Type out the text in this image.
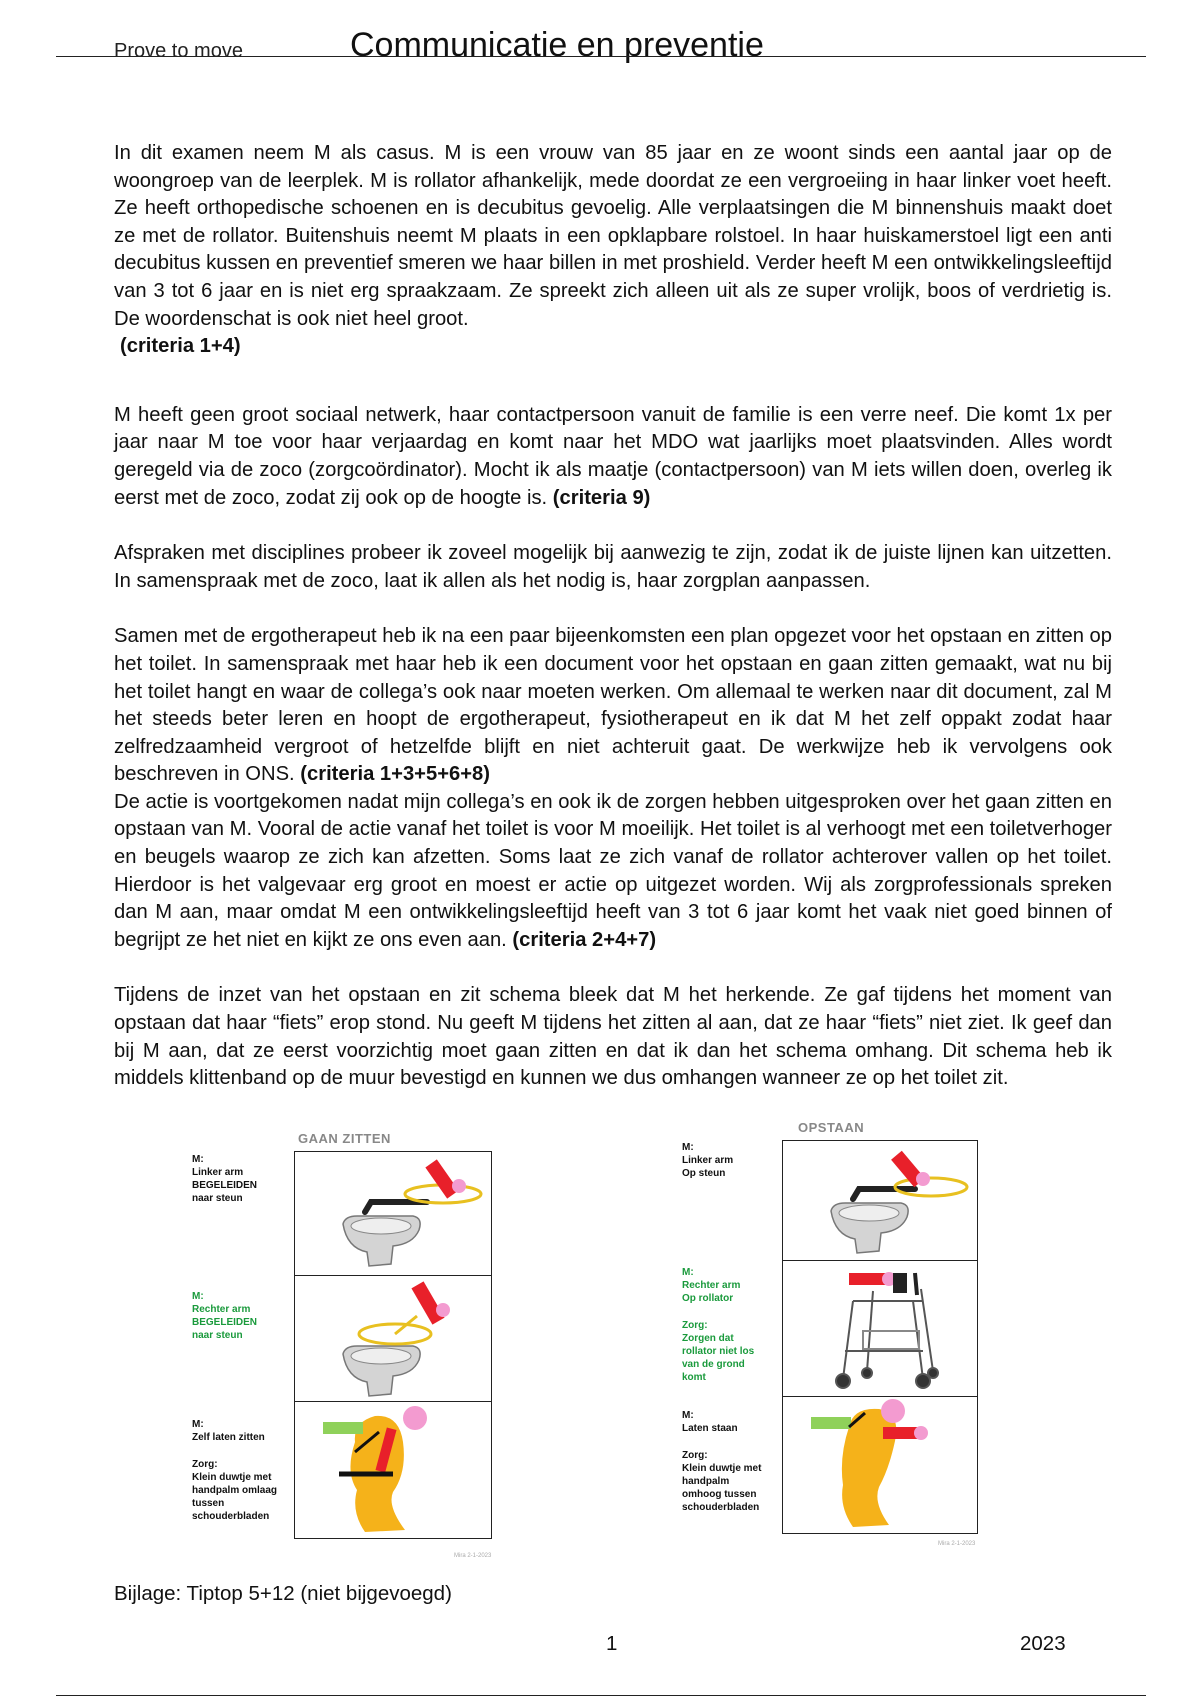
Prove to move	Communicatie en preventie

In dit examen neem M als casus. M is een vrouw van 85 jaar en ze woont sinds een aantal jaar op de woongroep van de leerplek. M is rollator afhankelijk, mede doordat ze een vergroeiing in haar linker voet heeft. Ze heeft orthopedische schoenen en is decubitus gevoelig. Alle verplaatsingen die M binnenshuis maakt doet ze met de rollator. Buitenshuis neemt M plaats in een opklapbare rolstoel. In haar huiskamerstoel ligt een anti decubitus kussen en preventief smeren we haar billen in met proshield. Verder heeft M een ontwikkelingsleeftijd van 3 tot 6 jaar en is niet erg spraakzaam. Ze spreekt zich alleen uit als ze super vrolijk, boos of verdrietig is. De woordenschat is ook niet heel groot.
(criteria 1+4)

M heeft geen groot sociaal netwerk, haar contactpersoon vanuit de familie is een verre neef. Die komt 1x per jaar naar M toe voor haar verjaardag en komt naar het MDO wat jaarlijks moet plaatsvinden. Alles wordt geregeld via de zoco (zorgcoördinator). Mocht ik als maatje (contactpersoon) van M iets willen doen, overleg ik eerst met de zoco, zodat zij ook op de hoogte is. (criteria 9)

Afspraken met disciplines probeer ik zoveel mogelijk bij aanwezig te zijn, zodat ik de juiste lijnen kan uitzetten. In samenspraak met de zoco, laat ik allen als het nodig is, haar zorgplan aanpassen.

Samen met de ergotherapeut heb ik na een paar bijeenkomsten een plan opgezet voor het opstaan en zitten op het toilet. In samenspraak met haar heb ik een document voor het opstaan en gaan zitten gemaakt, wat nu bij het toilet hangt en waar de collega’s ook naar moeten werken. Om allemaal te werken naar dit document, zal M het steeds beter leren en hoopt de ergotherapeut, fysiotherapeut en ik dat M het zelf oppakt zodat haar zelfredzaamheid vergroot of hetzelfde blijft en niet achteruit gaat. De werkwijze heb ik vervolgens ook beschreven in ONS. (criteria 1+3+5+6+8)

De actie is voortgekomen nadat mijn collega’s en ook ik de zorgen hebben uitgesproken over het gaan zitten en opstaan van M. Vooral de actie vanaf het toilet is voor M moeilijk. Het toilet is al verhoogt met een toiletverhoger en beugels waarop ze zich kan afzetten. Soms laat ze zich vanaf de rollator achterover vallen op het toilet. Hierdoor is het valgevaar erg groot en moest er actie op uitgezet worden. Wij als zorgprofessionals spreken dan M aan, maar omdat M een ontwikkelingsleeftijd heeft van 3 tot 6 jaar komt het vaak niet goed binnen of begrijpt ze het niet en kijkt ze ons even aan. (criteria 2+4+7)

Tijdens de inzet van het opstaan en zit schema bleek dat M het herkende. Ze gaf tijdens het moment van opstaan dat haar “fiets” erop stond. Nu geeft M tijdens het zitten al aan, dat ze haar “fiets” niet ziet. Ik geef dan bij M aan, dat ze eerst voorzichtig moet gaan zitten en dat ik dan het schema omhang. Dit schema heb ik middels klittenband op de muur bevestigd en kunnen we dus omhangen wanneer ze op het toilet zit.

GAAN ZITTEN
M:
Linker arm
BEGELEIDEN
naar steun
M:
Rechter arm
BEGELEIDEN
naar steun
M:
Zelf laten zitten
Zorg:
Klein duwtje met
handpalm omlaag
tussen
schouderbladen
Mira 2-1-2023
OPSTAAN
M:
Linker arm
Op steun
M:
Rechter arm
Op rollator
Zorg:
Zorgen dat
rollator niet los
van de grond
komt
M:
Laten staan
Zorg:
Klein duwtje met
handpalm
omhoog tussen
schouderbladen
Mira 2-1-2023
Bijlage: Tiptop 5+12 (niet bijgevoegd)
1	2023
